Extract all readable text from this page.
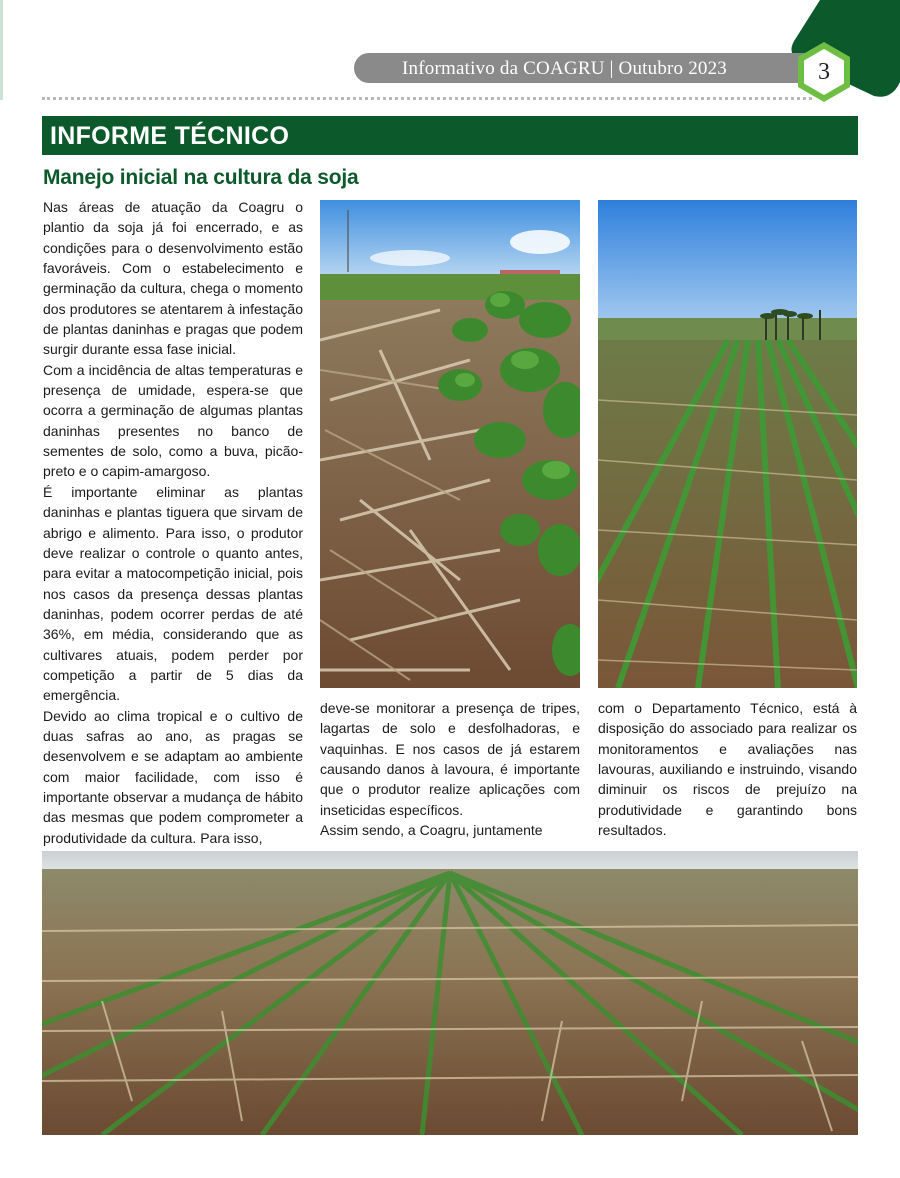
Informativo da COAGRU | Outubro 2023	3
INFORME TÉCNICO
Manejo inicial na cultura da soja

Nas áreas de atuação da Coagru o plantio da soja já foi encerrado, e as condições para o desenvolvimento estão favoráveis. Com o estabelecimento e germinação da cultura, chega o momento dos produtores se atentarem à infestação de plantas daninhas e pragas que podem surgir durante essa fase inicial.

Com a incidência de altas temperaturas e presença de umidade, espera-se que ocorra a germinação de algumas plantas daninhas presentes no banco de sementes de solo, como a buva, picão-preto e o capim-amargoso.

É importante eliminar as plantas daninhas e plantas tiguera que sirvam de abrigo e alimento. Para isso, o produtor deve realizar o controle o quanto antes, para evitar a matocompetição inicial, pois nos casos da presença dessas plantas daninhas, podem ocorrer perdas de até 36%, em média, considerando que as cultivares atuais, podem perder por competição a partir de 5 dias da emergência.

Devido ao clima tropical e o cultivo de duas safras ao ano, as pragas se desenvolvem e se adaptam ao ambiente com maior facilidade, com isso é importante observar a mudança de hábito das mesmas que podem comprometer a produtividade da cultura. Para isso,

deve-se monitorar a presença de tripes, lagartas de solo e desfolhadoras, e vaquinhas. E nos casos de já estarem causando danos à lavoura, é importante que o produtor realize aplicações com inseticidas específicos.

Assim sendo, a Coagru, juntamente

com o Departamento Técnico, está à disposição do associado para realizar os monitoramentos e avaliações nas lavouras, auxiliando e instruindo, visando diminuir os riscos de prejuízo na produtividade e garantindo bons resultados.
